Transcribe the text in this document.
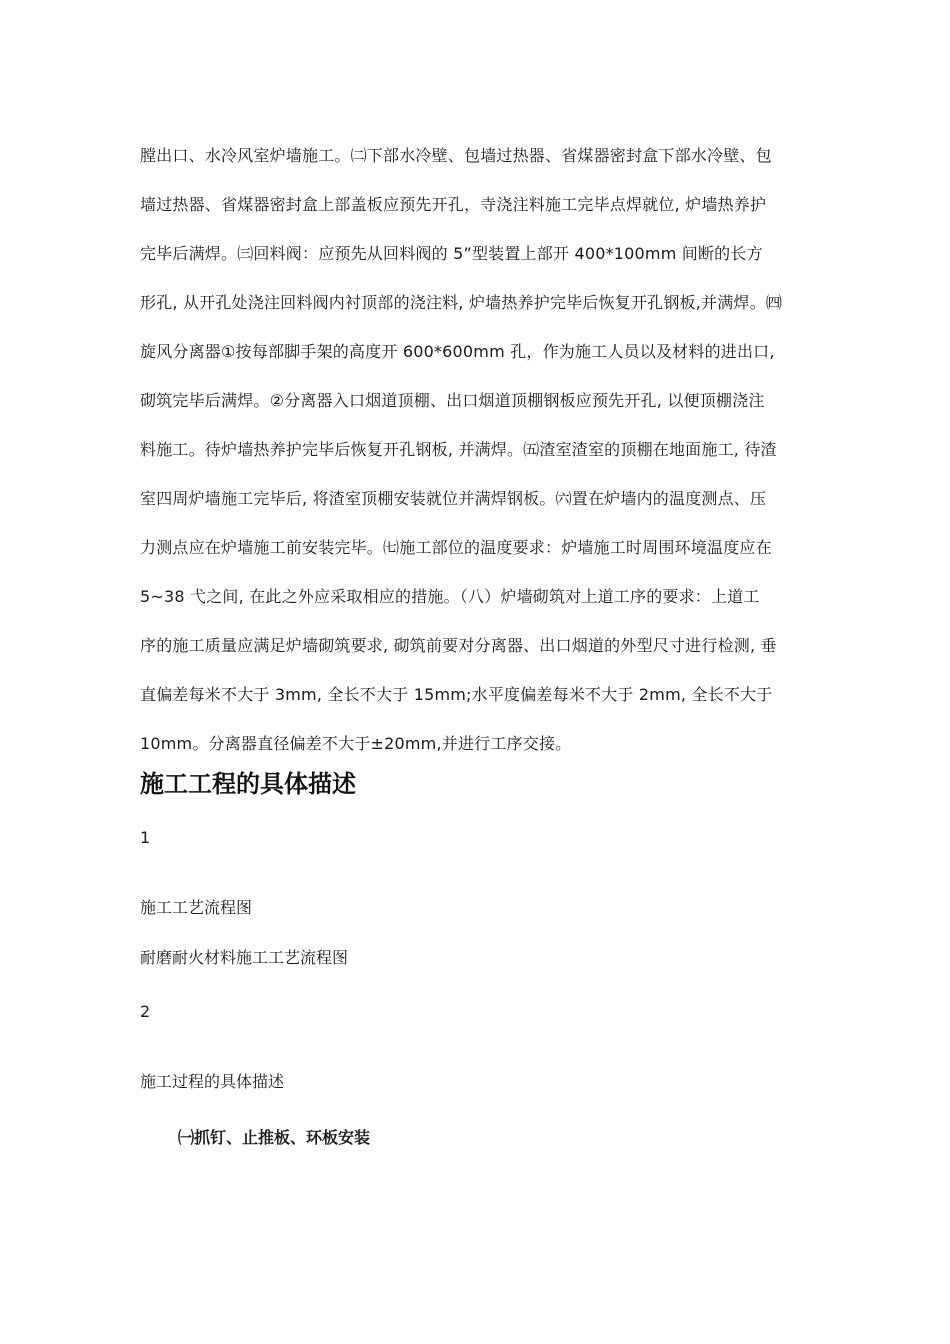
膛出口、水冷风室炉墙施工。㈡下部水冷壁、包墙过热器、省煤器密封盒下部水冷壁、包
墙过热器、省煤器密封盒上部盖板应预先开孔，寺浇注料施工完毕点焊就位, 炉墙热养护
完毕后满焊。㈢回料阀：应预先从回料阀的 5”型装置上部开 400*100mm 间断的长方
形孔, 从开孔处浇注回料阀内衬顶部的浇注料, 炉墙热养护完毕后恢复开孔钢板,并满焊。㈣
旋风分离器①按每部脚手架的高度开 600*600mm 孔，作为施工人员以及材料的进出口,
砌筑完毕后满焊。②分离器入口烟道顶棚、出口烟道顶棚钢板应预先开孔, 以便顶棚浇注
料施工。待炉墙热养护完毕后恢复开孔钢板, 并满焊。㈤渣室渣室的顶棚在地面施工, 待渣
室四周炉墙施工完毕后, 将渣室顶棚安装就位并满焊钢板。㈥置在炉墙内的温度测点、压
力测点应在炉墙施工前安装完毕。㈦施工部位的温度要求：炉墙施工时周围环境温度应在
5~38 弋之间, 在此之外应采取相应的措施。（八）炉墙砌筑对上道工序的要求：上道工
序的施工质量应满足炉墙砌筑要求, 砌筑前要对分离器、出口烟道的外型尺寸进行检测, 垂
直偏差每米不大于 3mm, 全长不大于 15mm;水平度偏差每米不大于 2mm, 全长不大于
10mm。分离器直径偏差不大于±20mm,并进行工序交接。
施工工程的具体描述
1
施工工艺流程图
耐磨耐火材料施工工艺流程图
2
施工过程的具体描述
㈠抓钉、止推板、环板安装
